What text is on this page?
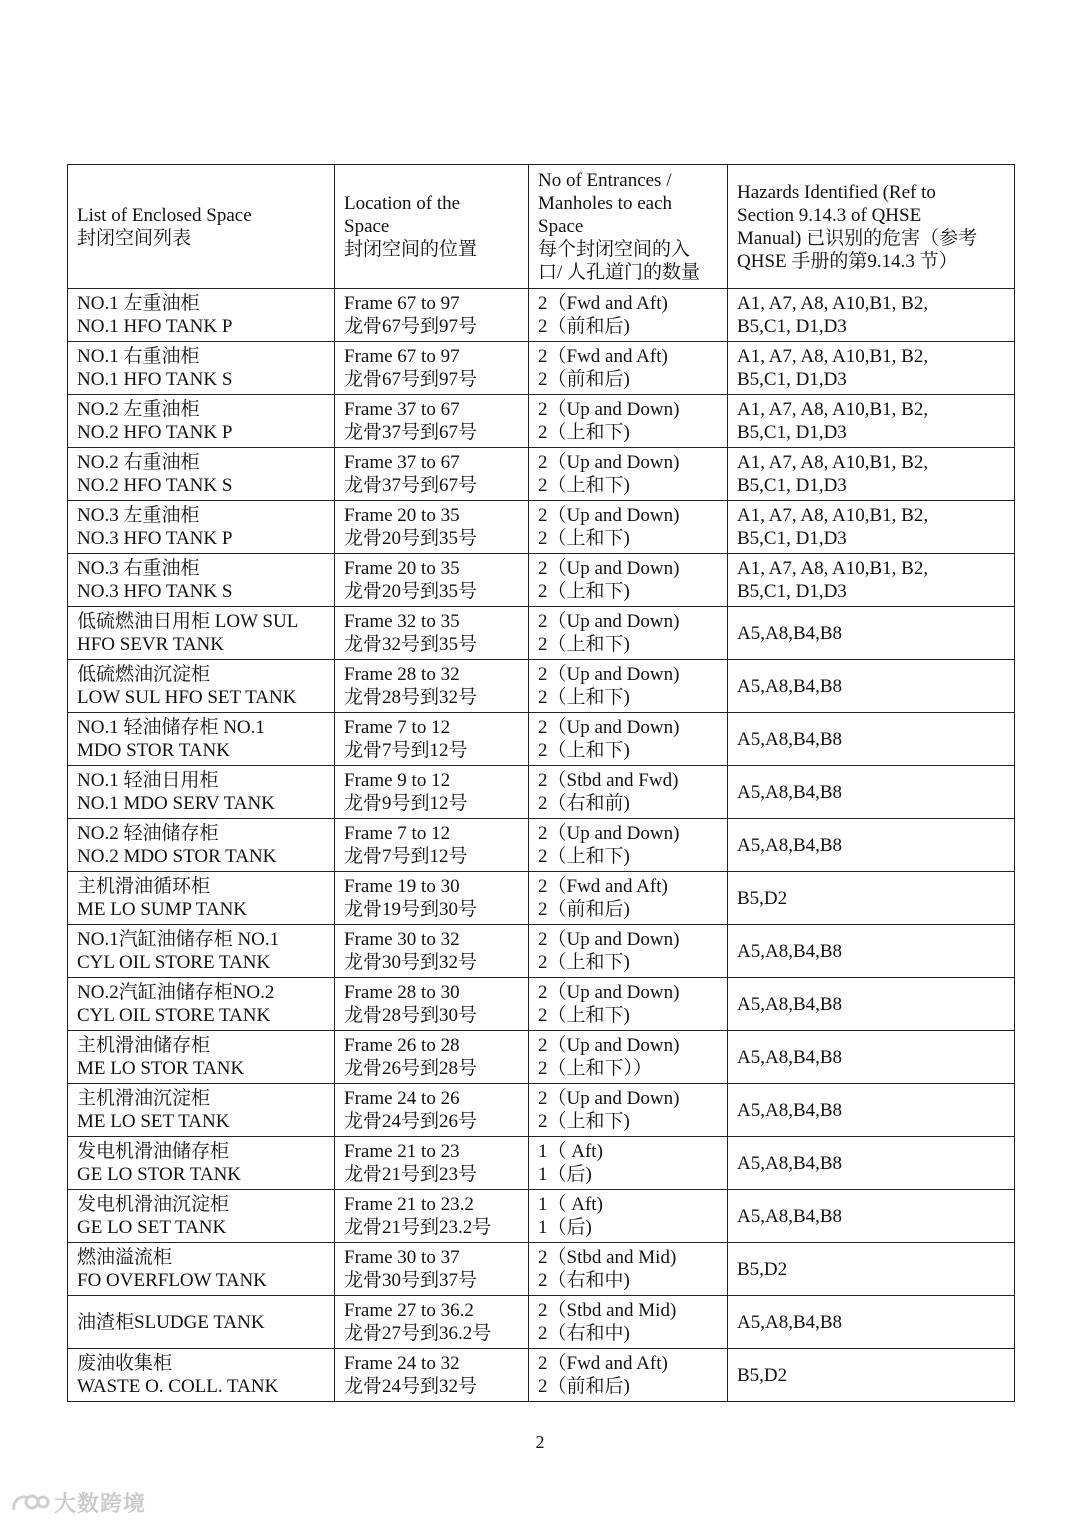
List of Enclosed Space
封闭空间列表	Location of the
Space
封闭空间的位置	No of Entrances /
Manholes to each
Space
每个封闭空间的入
口/ 人孔道门的数量	Hazards Identified (Ref to
Section 9.14.3 of QHSE
Manual) 已识别的危害（参考
QHSE 手册的第9.14.3 节）

NO.1 左重油柜
NO.1 HFO TANK P	Frame 67 to 97
龙骨67号到97号	2（Fwd and Aft)
2（前和后)	A1, A7, A8, A10,B1, B2,
B5,C1, D1,D3

NO.1 右重油柜
NO.1 HFO TANK S	Frame 67 to 97
龙骨67号到97号	2（Fwd and Aft)
2（前和后)	A1, A7, A8, A10,B1, B2,
B5,C1, D1,D3

NO.2 左重油柜
NO.2 HFO TANK P	Frame 37 to 67
龙骨37号到67号	2（Up and Down)
2（上和下)	A1, A7, A8, A10,B1, B2,
B5,C1, D1,D3

NO.2 右重油柜
NO.2 HFO TANK S	Frame 37 to 67
龙骨37号到67号	2（Up and Down)
2（上和下)	A1, A7, A8, A10,B1, B2,
B5,C1, D1,D3

NO.3 左重油柜
NO.3 HFO TANK P	Frame 20 to 35
龙骨20号到35号	2（Up and Down)
2（上和下)	A1, A7, A8, A10,B1, B2,
B5,C1, D1,D3

NO.3 右重油柜
NO.3 HFO TANK S	Frame 20 to 35
龙骨20号到35号	2（Up and Down)
2（上和下)	A1, A7, A8, A10,B1, B2,
B5,C1, D1,D3

低硫燃油日用柜 LOW SUL
HFO SEVR TANK	Frame 32 to 35
龙骨32号到35号	2（Up and Down)
2（上和下)	A5,A8,B4,B8

低硫燃油沉淀柜
LOW SUL HFO SET TANK	Frame 28 to 32
龙骨28号到32号	2（Up and Down)
2（上和下)	A5,A8,B4,B8

NO.1 轻油储存柜 NO.1
MDO STOR TANK	Frame 7 to 12
龙骨7号到12号	2（Up and Down)
2（上和下)	A5,A8,B4,B8

NO.1 轻油日用柜
NO.1 MDO SERV TANK	Frame 9 to 12
龙骨9号到12号	2（Stbd and Fwd)
2（右和前)	A5,A8,B4,B8

NO.2 轻油储存柜
NO.2 MDO STOR TANK	Frame 7 to 12
龙骨7号到12号	2（Up and Down)
2（上和下)	A5,A8,B4,B8

主机滑油循环柜
ME LO SUMP TANK	Frame 19 to 30
龙骨19号到30号	2（Fwd and Aft)
2（前和后)	B5,D2

NO.1汽缸油储存柜 NO.1
CYL OIL STORE TANK	Frame 30 to 32
龙骨30号到32号	2（Up and Down)
2（上和下)	A5,A8,B4,B8

NO.2汽缸油储存柜NO.2
CYL OIL STORE TANK	Frame 28 to 30
龙骨28号到30号	2（Up and Down)
2（上和下)	A5,A8,B4,B8

主机滑油储存柜
ME LO STOR TANK	Frame 26 to 28
龙骨26号到28号	2（Up and Down)
2（上和下））	A5,A8,B4,B8

主机滑油沉淀柜
ME LO SET TANK	Frame 24 to 26
龙骨24号到26号	2（Up and Down)
2（上和下)	A5,A8,B4,B8

发电机滑油储存柜
GE LO STOR TANK	Frame 21 to 23
龙骨21号到23号	1（ Aft)
1（后)	A5,A8,B4,B8

发电机滑油沉淀柜
GE LO SET TANK	Frame 21 to 23.2
龙骨21号到23.2号	1（ Aft)
1（后)	A5,A8,B4,B8

燃油溢流柜
FO OVERFLOW TANK	Frame 30 to 37
龙骨30号到37号	2（Stbd and Mid)
2（右和中)	B5,D2

油渣柜SLUDGE TANK	Frame 27 to 36.2
龙骨27号到36.2号	2（Stbd and Mid)
2（右和中)	A5,A8,B4,B8

废油收集柜
WASTE O. COLL. TANK	Frame 24 to 32
龙骨24号到32号	2（Fwd and Aft)
2（前和后)	B5,D2
2
大数跨境
